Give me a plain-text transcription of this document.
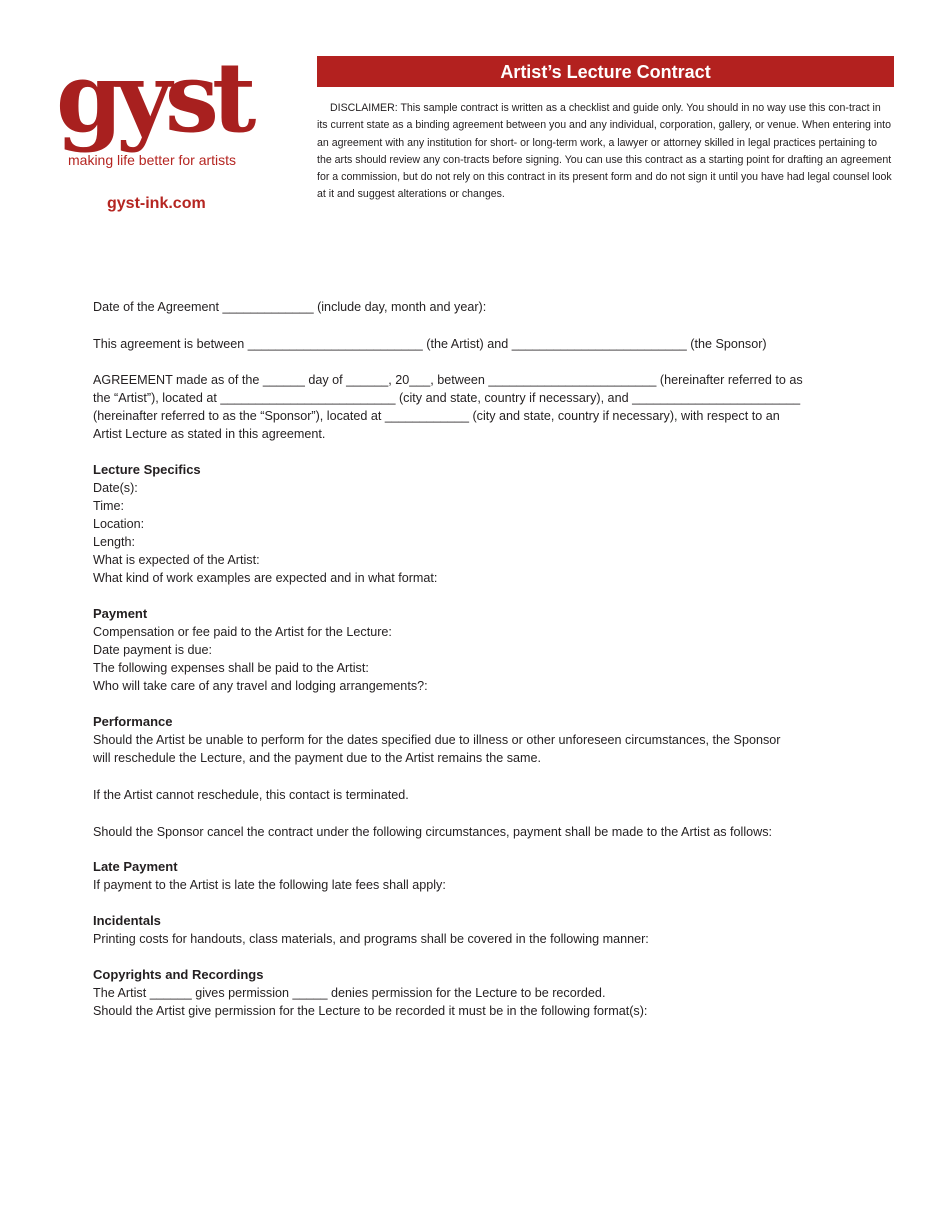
gyst
making life better for artists
gyst-ink.com
Artist’s Lecture Contract

DISCLAIMER: This sample contract is written as a checklist and guide only. You should in no way use this con-tract in its current state as a binding agreement between you and any individual, corporation, gallery, or venue. When entering into an agreement with any institution for short- or long-term work, a lawyer or attorney skilled in legal practices pertaining to the arts should review any con-tracts before signing. You can use this contract as a starting point for drafting an agreement for a commission, but do not rely on this contract in its present form and do not sign it until you have had legal counsel look at it and suggest alterations or changes.

Date of the Agreement _____________ (include day, month and year):

This agreement is between _________________________ (the Artist) and _________________________ (the Sponsor)

AGREEMENT made as of the ______ day of ______, 20___, between ________________________ (hereinafter referred to as
the “Artist”), located at _________________________ (city and state, country if necessary), and ________________________
(hereinafter referred to as the “Sponsor”), located at ____________ (city and state, country if necessary), with respect to an
Artist Lecture as stated in this agreement.

Lecture Specifics

Date(s):
Time:
Location:
Length:
What is expected of the Artist:
What kind of work examples are expected and in what format:

Payment

Compensation or fee paid to the Artist for the Lecture:
Date payment is due:
The following expenses shall be paid to the Artist:
Who will take care of any travel and lodging arrangements?:

Performance

Should the Artist be unable to perform for the dates specified due to illness or other unforeseen circumstances, the Sponsor
will reschedule the Lecture, and the payment due to the Artist remains the same.

If the Artist cannot reschedule, this contact is terminated.

Should the Sponsor cancel the contract under the following circumstances, payment shall be made to the Artist as follows:

Late Payment

If payment to the Artist is late the following late fees shall apply:

Incidentals

Printing costs for handouts, class materials, and programs shall be covered in the following manner:

Copyrights and Recordings

The Artist ______ gives permission _____ denies permission for the Lecture to be recorded.
Should the Artist give permission for the Lecture to be recorded it must be in the following format(s):
